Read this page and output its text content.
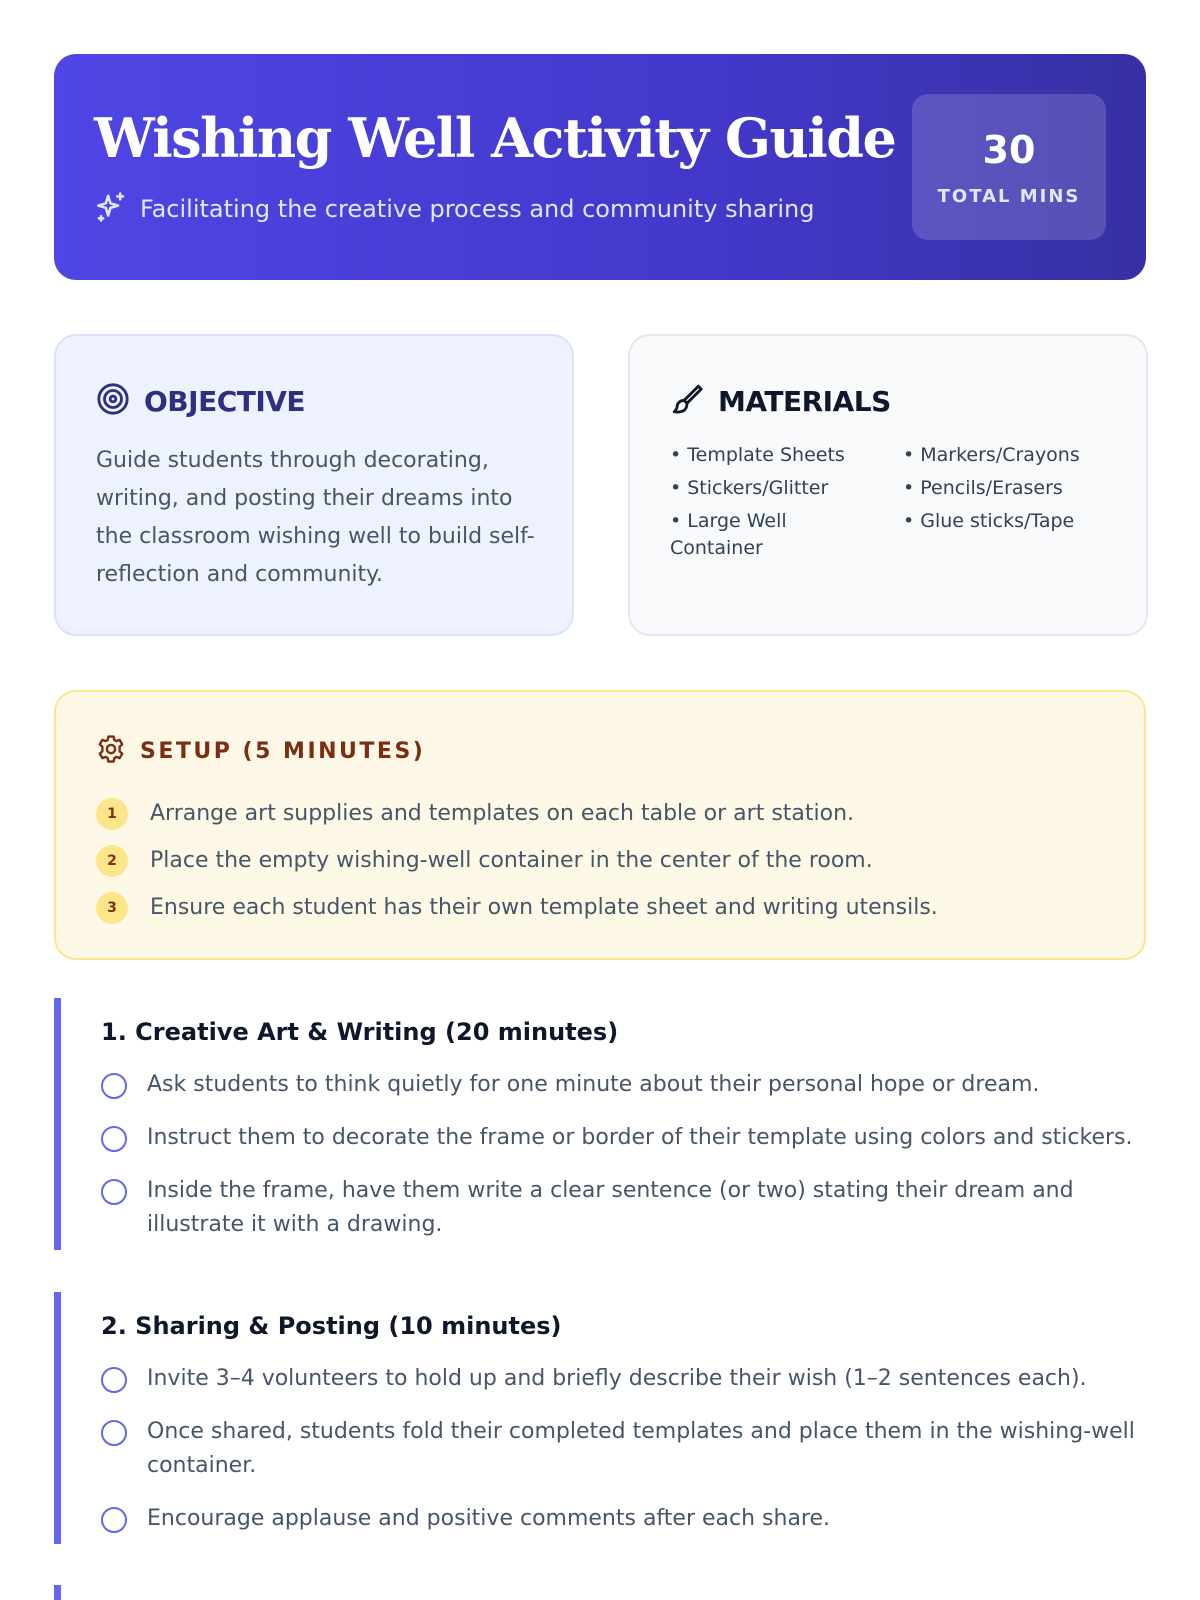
Wishing Well Activity Guide
Facilitating the creative process and community sharing
30
TOTAL MINS
OBJECTIVE

Guide students through decorating, writing, and posting their dreams into the classroom wishing well to build self-reflection and community.

MATERIALS
• Template Sheets
• Stickers/Glitter
• Large Well Container
• Markers/Crayons
• Pencils/Erasers
• Glue sticks/Tape
SETUP (5 MINUTES)
1	Arrange art supplies and templates on each table or art station.
2	Place the empty wishing-well container in the center of the room.
3	Ensure each student has their own template sheet and writing utensils.
1. Creative Art & Writing (20 minutes)
Ask students to think quietly for one minute about their personal hope or dream.
Instruct them to decorate the frame or border of their template using colors and stickers.
Inside the frame, have them write a clear sentence (or two) stating their dream and illustrate it with a drawing.
2. Sharing & Posting (10 minutes)
Invite 3–4 volunteers to hold up and briefly describe their wish (1–2 sentences each).
Once shared, students fold their completed templates and place them in the wishing-well container.
Encourage applause and positive comments after each share.
